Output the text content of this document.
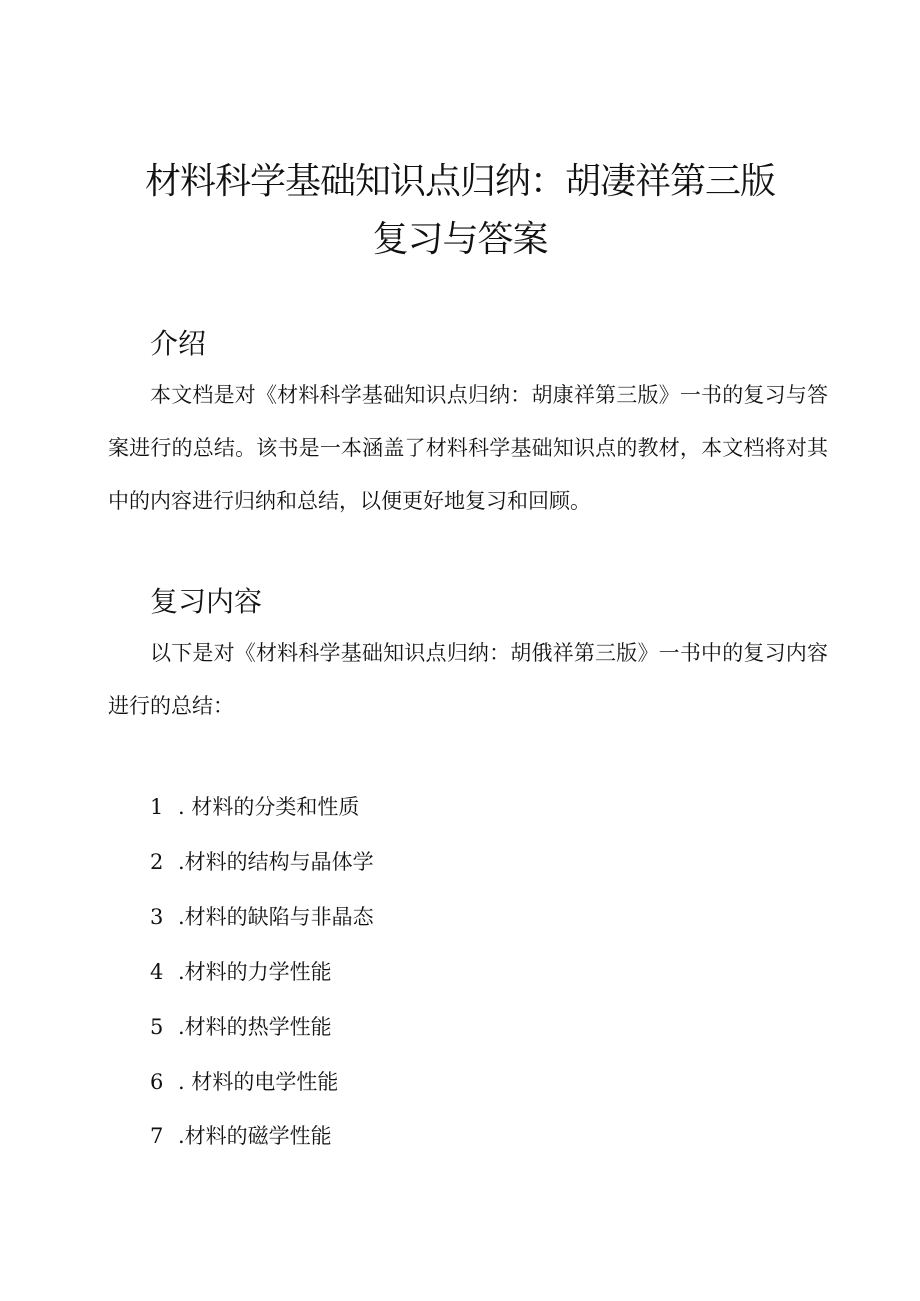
材料科学基础知识点归纳：胡凄祥第三版
复习与答案
介绍

本文档是对《材料科学基础知识点归纳：胡康祥第三版》一书的复习与答案进行的总结。该书是一本涵盖了材料科学基础知识点的教材，本文档将对其中的内容进行归纳和总结，以便更好地复习和回顾。

复习内容

以下是对《材料科学基础知识点归纳：胡俄祥第三版》一书中的复习内容进行的总结：

1 . 材料的分类和性质
2 .材料的结构与晶体学
3 .材料的缺陷与非晶态
4 .材料的力学性能
5 .材料的热学性能
6 . 材料的电学性能
7 .材料的磁学性能
